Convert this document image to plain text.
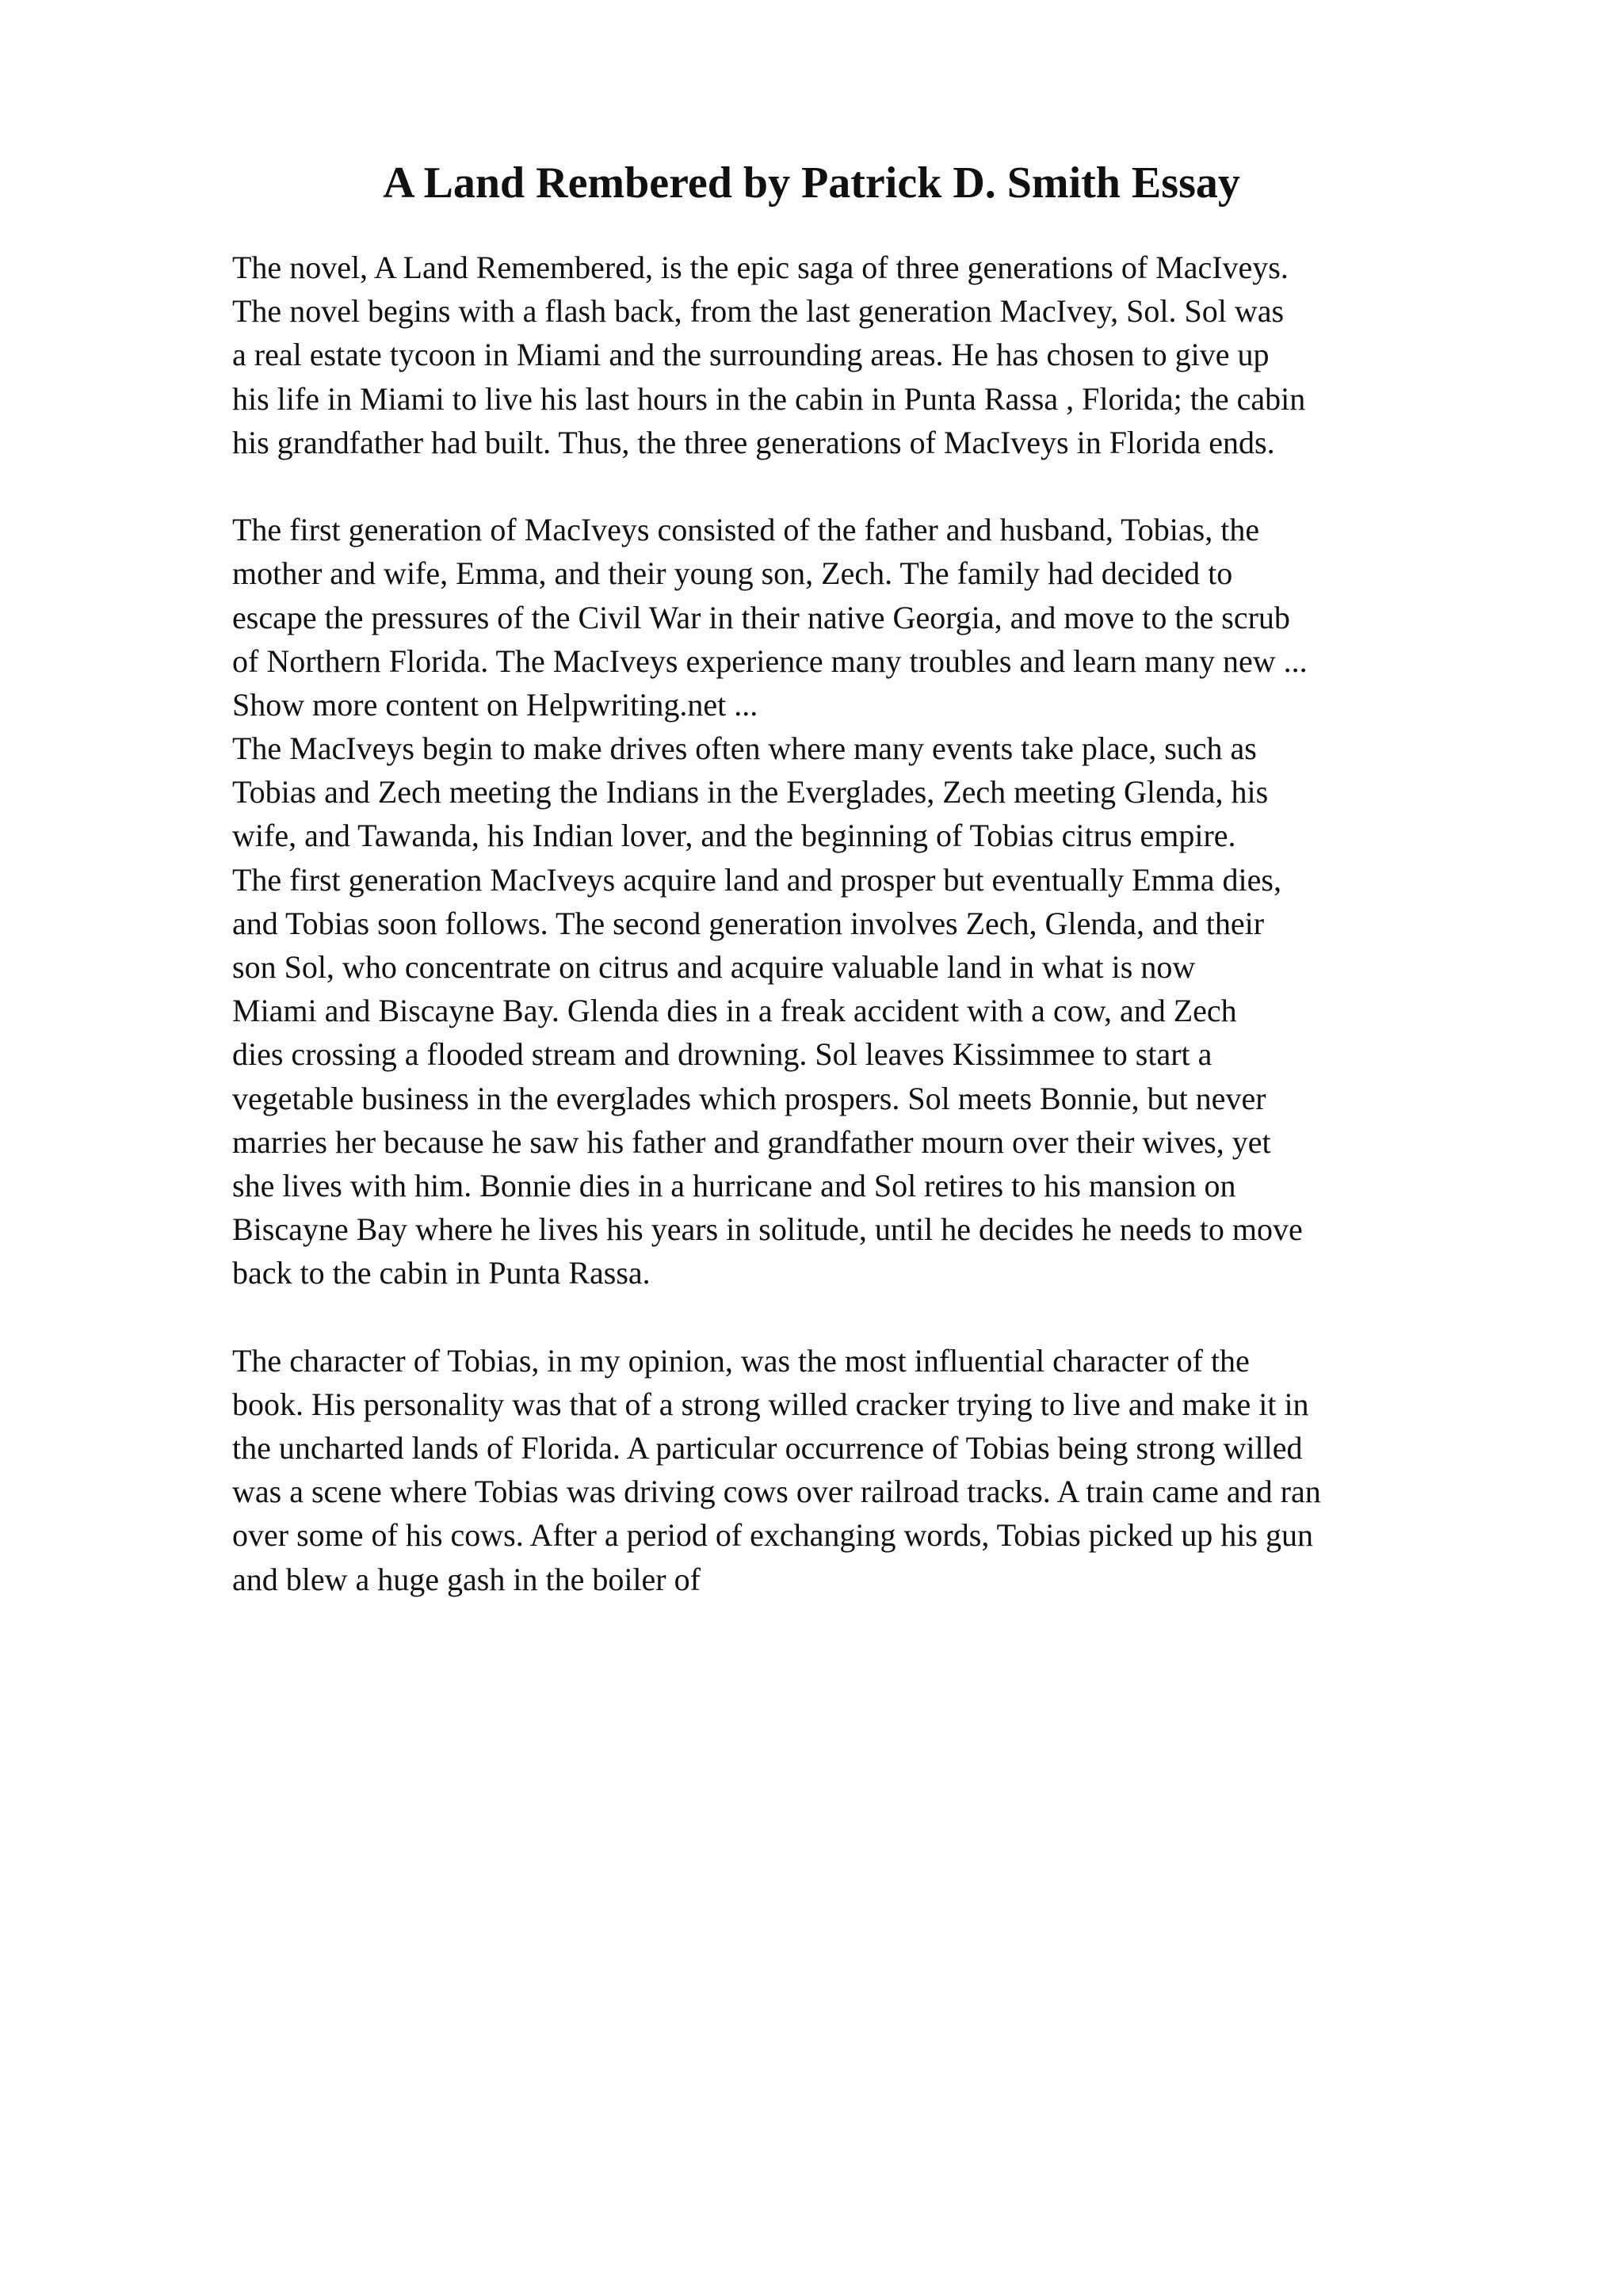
A Land Rembered by Patrick D. Smith Essay
The novel, A Land Remembered, is the epic saga of three generations of MacIveys.
The novel begins with a flash back, from the last generation MacIvey, Sol. Sol was
a real estate tycoon in Miami and the surrounding areas. He has chosen to give up
his life in Miami to live his last hours in the cabin in Punta Rassa , Florida; the cabin
his grandfather had built. Thus, the three generations of MacIveys in Florida ends.
The first generation of MacIveys consisted of the father and husband, Tobias, the
mother and wife, Emma, and their young son, Zech. The family had decided to
escape the pressures of the Civil War in their native Georgia, and move to the scrub
of Northern Florida. The MacIveys experience many troubles and learn many new ...
Show more content on Helpwriting.net ...
The MacIveys begin to make drives often where many events take place, such as
Tobias and Zech meeting the Indians in the Everglades, Zech meeting Glenda, his
wife, and Tawanda, his Indian lover, and the beginning of Tobias citrus empire.
The first generation MacIveys acquire land and prosper but eventually Emma dies,
and Tobias soon follows. The second generation involves Zech, Glenda, and their
son Sol, who concentrate on citrus and acquire valuable land in what is now
Miami and Biscayne Bay. Glenda dies in a freak accident with a cow, and Zech
dies crossing a flooded stream and drowning. Sol leaves Kissimmee to start a
vegetable business in the everglades which prospers. Sol meets Bonnie, but never
marries her because he saw his father and grandfather mourn over their wives, yet
she lives with him. Bonnie dies in a hurricane and Sol retires to his mansion on
Biscayne Bay where he lives his years in solitude, until he decides he needs to move
back to the cabin in Punta Rassa.
The character of Tobias, in my opinion, was the most influential character of the
book. His personality was that of a strong willed cracker trying to live and make it in
the uncharted lands of Florida. A particular occurrence of Tobias being strong willed
was a scene where Tobias was driving cows over railroad tracks. A train came and ran
over some of his cows. After a period of exchanging words, Tobias picked up his gun
and blew a huge gash in the boiler of
